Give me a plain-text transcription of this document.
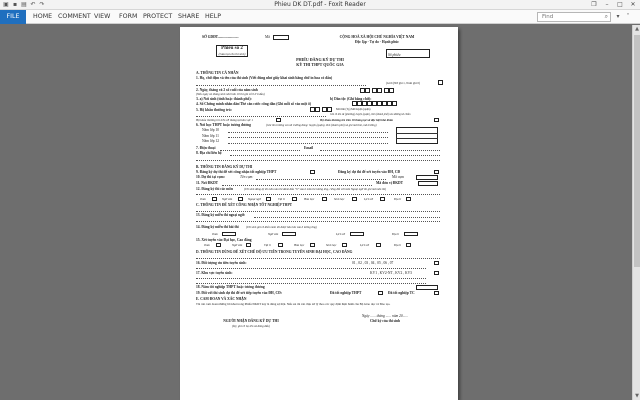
▣ ▪ ▤ ↶ ↷	Phieu DK DT.pdf - Foxit Reader	❐	–	□	✕
FILE	HOME COMMENT VIEW FORM PROTECT SHARE HELP	Find	⌕	▾	˄
SỞ GDĐT.......................	Mã	CỘNG HOÀ XÃ HỘI CHỦ NGHĨA VIỆT NAM
Độc lập - Tự do - Hạnh phúc
Phiếu số 2
(Giao lại cho thí sinh)	Số phiếu
PHIẾU ĐĂNG KÝ DỰ THI
KỲ THI THPT QUỐC GIA
A. THÔNG TIN CÁ NHÂN
1. Họ, chữ đệm và tên của thí sinh (Viết đúng như giấy khai sinh bằng chữ in hoa có dấu)
(Giới (Nữ ghi 1, Nam ghi 0)
2. Ngày, tháng và 2 số cuối của năm sinh
(Nếu ngày và tháng sinh nhỏ hơn 10 thì ghi số 0 ở ô đầu)
3. a) Nơi sinh (tỉnh hoặc thành phố):	b) Dân tộc (Ghi bằng chữ):
4. Số Chứng minh nhân dân/Thẻ căn cước công dân (Ghi mỗi số vào một ô)
5. Hộ khẩu thường trú:	Mã tỉnh (Tp) Mã huyện (quận)
Ghi rõ tên xã (phường) huyện (quận), tỉnh (thành phố) vào đường kẻ chấm
Hộ khẩu thường trú trên 18 tháng tại khu vực 1	Hộ khẩu thường trú trên 18 tháng tại xã đặc biệt khó khăn
6. Nơi học THPT hoặc tương đương	(Ghi tên trường và nơi trường đóng: huyện (quận), tỉnh (thành phố) và ghi mã tỉnh, mã trường)
Năm lớp 10
Năm lớp 11
Năm lớp 12
7. Điện thoại	Email
8. Địa chỉ liên hệ
B. THÔNG TIN ĐĂNG KÝ DỰ THI
9. Đăng ký dự thi để xét công nhận tốt nghiệp THPT	Đăng ký dự thi để xét tuyển vào ĐH, CĐ
10. Dự thi tại cụm:	Tên cụm:	Mã cụm
11. Nơi ĐKDT	Mã đơn vị ĐKDT
12. Đăng ký thi các môn	(Thí sinh đăng ký thi môn nào thì đánh dấu "X" vào ô môn thi tương ứng, riêng đối với môn Ngoại ngữ thì ghi mã môn thi)
Toán	Ngữ văn	Ngoại ngữ	Vật lí	Hóa học	Sinh học	Lịch sử	Địa lí
C. THÔNG TIN ĐỂ XÉT CÔNG NHẬN TỐT NGHIỆP THPT
13. Đăng ký miễn thi ngoại ngữ:
14. Đăng ký miễn thi bài thi	(Thí sinh ghi rõ điểm môn thi được bảo lưu vào ô tương ứng)
Toán	Ngữ văn	Lịch sử	Địa lí
15. Xét tuyển vào Đại học, Cao đẳng
Toán	Ngữ văn	Vật lí	Hóa học	Sinh học	Lịch sử	Địa lí
D. THÔNG TIN DÙNG ĐỂ XÉT CHẾ ĐỘ ƯU TIÊN TRONG TUYỂN SINH ĐẠI HỌC, CAO ĐẲNG
16. Đối tượng ưu tiên tuyển sinh:	01 , 02 , 03 , 04 , 05 , 06 , 07
17. Khu vực tuyển sinh:	KV1 , KV2-NT , KV2 , KV3
18. Năm tốt nghiệp THPT hoặc tương đương
19. Đối với thí sinh dự thi để xét tiếp tuyển vào ĐH, CĐ:	Đã tốt nghiệp THPT	Đã tốt nghiệp TC
E. CAM ĐOAN VÀ XÁC NHẬN
Tôi xin cam đoan những lời khai trong Phiếu ĐKDT này là đúng sự thật. Nếu sai tôi xin chịu xử lý theo các quy định hiện hành của Bộ Giáo dục và Đào tạo.
Ngày ...... tháng ...... năm 20......
NGƯỜI NHẬN ĐĂNG KÝ DỰ THI
(Ký, ghi rõ họ tên và đóng dấu)
Chữ ký của thí sinh
▲
▼
